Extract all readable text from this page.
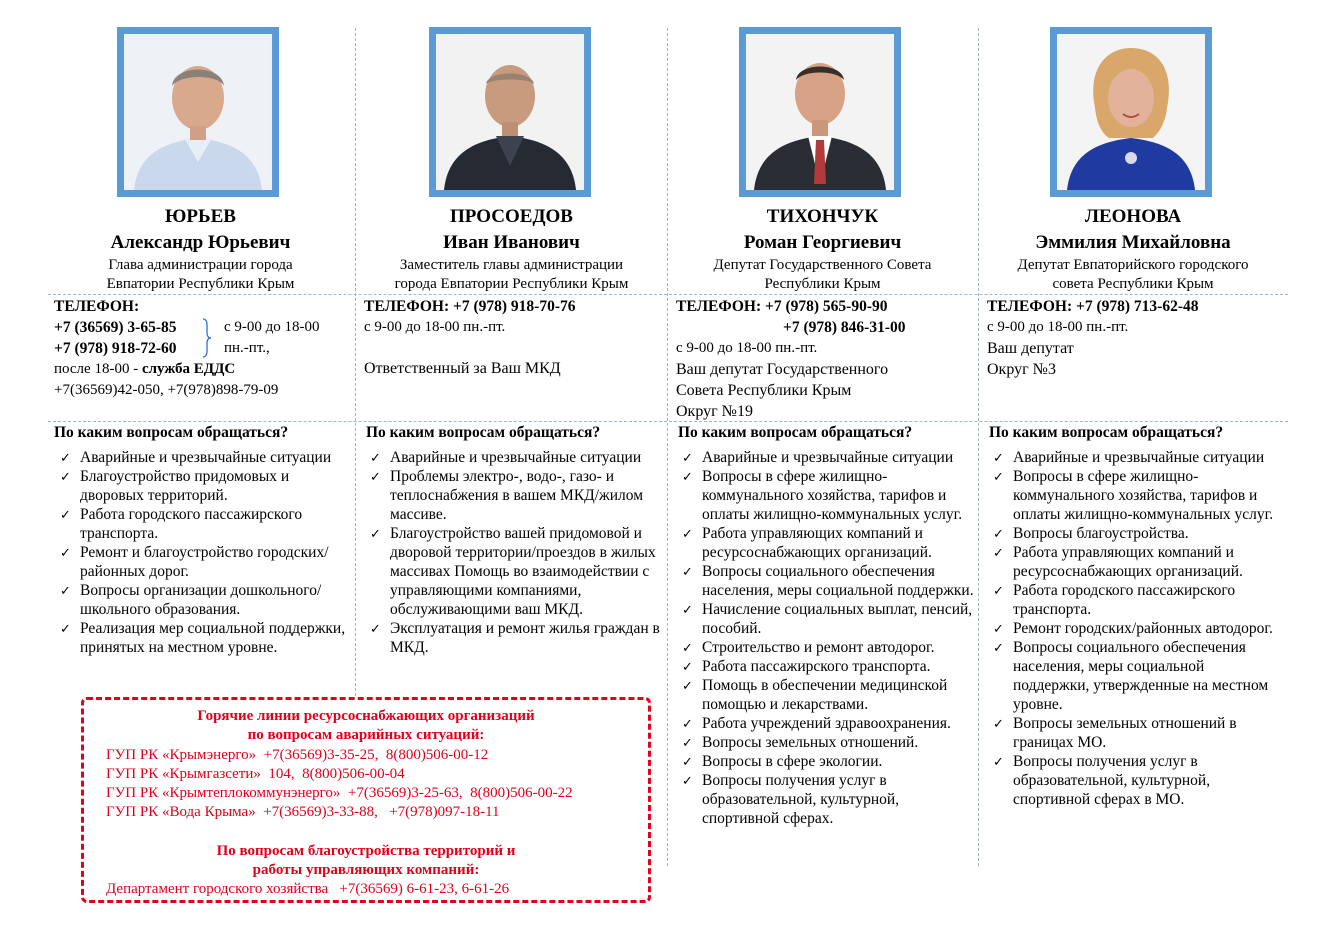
ЮРЬЕВ
Александр Юрьевич
Глава администрации города
Евпатории Республики Крым
ТЕЛЕФОН:
+7 (36569) 3-65-85	с 9-00 до 18-00
+7 (978) 918-72-60	пн.-пт.,
после 18-00 - служба ЕДДС
+7(36569)42-050, +7(978)898-79-09
По каким вопросам обращаться?
✓ Аварийные и чрезвычайные ситуации
✓ Благоустройство придомовых и дворовых территорий.
✓ Работа городского пассажирского транспорта.
✓ Ремонт и благоустройство городских/районных дорог.
✓ Вопросы организации дошкольного/школьного образования.
✓ Реализация мер социальной поддержки, принятых на местном уровне.
ПРОСОЕДОВ
Иван Иванович
Заместитель главы администрации
города Евпатории Республики Крым
ТЕЛЕФОН: +7 (978) 918-70-76
с 9-00 до 18-00 пн.-пт.
Ответственный за Ваш МКД
По каким вопросам обращаться?
✓ Аварийные и чрезвычайные ситуации
✓ Проблемы электро-, водо-, газо- и теплоснабжения в вашем МКД/жилом массиве.
✓ Благоустройство вашей придомовой и дворовой территории/проездов в жилых массивах Помощь во взаимодействии с управляющими компаниями, обслуживающими ваш МКД.
✓ Эксплуатация и ремонт жилья граждан в МКД.
ТИХОНЧУК
Роман Георгиевич
Депутат Государственного Совета
Республики Крым
ТЕЛЕФОН: +7 (978) 565-90-90
+7 (978) 846-31-00
с 9-00 до 18-00 пн.-пт.
Ваш депутат Государственного
Совета Республики Крым
Округ №19
По каким вопросам обращаться?
✓ Аварийные и чрезвычайные ситуации
✓ Вопросы в сфере жилищно-коммунального хозяйства, тарифов и оплаты жилищно-коммунальных услуг.
✓ Работа управляющих компаний и ресурсоснабжающих организаций.
✓ Вопросы социального обеспечения населения, меры социальной поддержки.
✓ Начисление социальных выплат, пенсий, пособий.
✓ Строительство и ремонт автодорог.
✓ Работа пассажирского транспорта.
✓ Помощь в обеспечении медицинской помощью и лекарствами.
✓ Работа учреждений здравоохранения.
✓ Вопросы земельных отношений.
✓ Вопросы в сфере экологии.
✓ Вопросы получения услуг в образовательной, культурной, спортивной сферах.
ЛЕОНОВА
Эммилия Михайловна
Депутат Евпаторийского городского
совета Республики Крым
ТЕЛЕФОН: +7 (978) 713-62-48
с 9-00 до 18-00 пн.-пт.
Ваш депутат
Округ №3
По каким вопросам обращаться?
✓ Аварийные и чрезвычайные ситуации
✓ Вопросы в сфере жилищно-коммунального хозяйства, тарифов и оплаты жилищно-коммунальных услуг.
✓ Вопросы благоустройства.
✓ Работа управляющих компаний и ресурсоснабжающих организаций.
✓ Работа городского пассажирского транспорта.
✓ Ремонт городских/районных автодорог.
✓ Вопросы социального обеспечения населения, меры социальной поддержки, утвержденные на местном уровне.
✓ Вопросы земельных отношений в границах МО.
✓ Вопросы получения услуг в образовательной, культурной, спортивной сферах в МО.
Горячие линии ресурсоснабжающих организаций
по вопросам аварийных ситуаций:
ГУП РК «Крымэнерго»  +7(36569)3-35-25,  8(800)506-00-12
ГУП РК «Крымгазсети»  104,  8(800)506-00-04
ГУП РК «Крымтеплокоммунэнерго»  +7(36569)3-25-63,  8(800)506-00-22
ГУП РК «Вода Крыма»  +7(36569)3-33-88,   +7(978)097-18-11
По вопросам благоустройства территорий и
работы управляющих компаний:
Департамент городского хозяйства   +7(36569) 6-61-23, 6-61-26
